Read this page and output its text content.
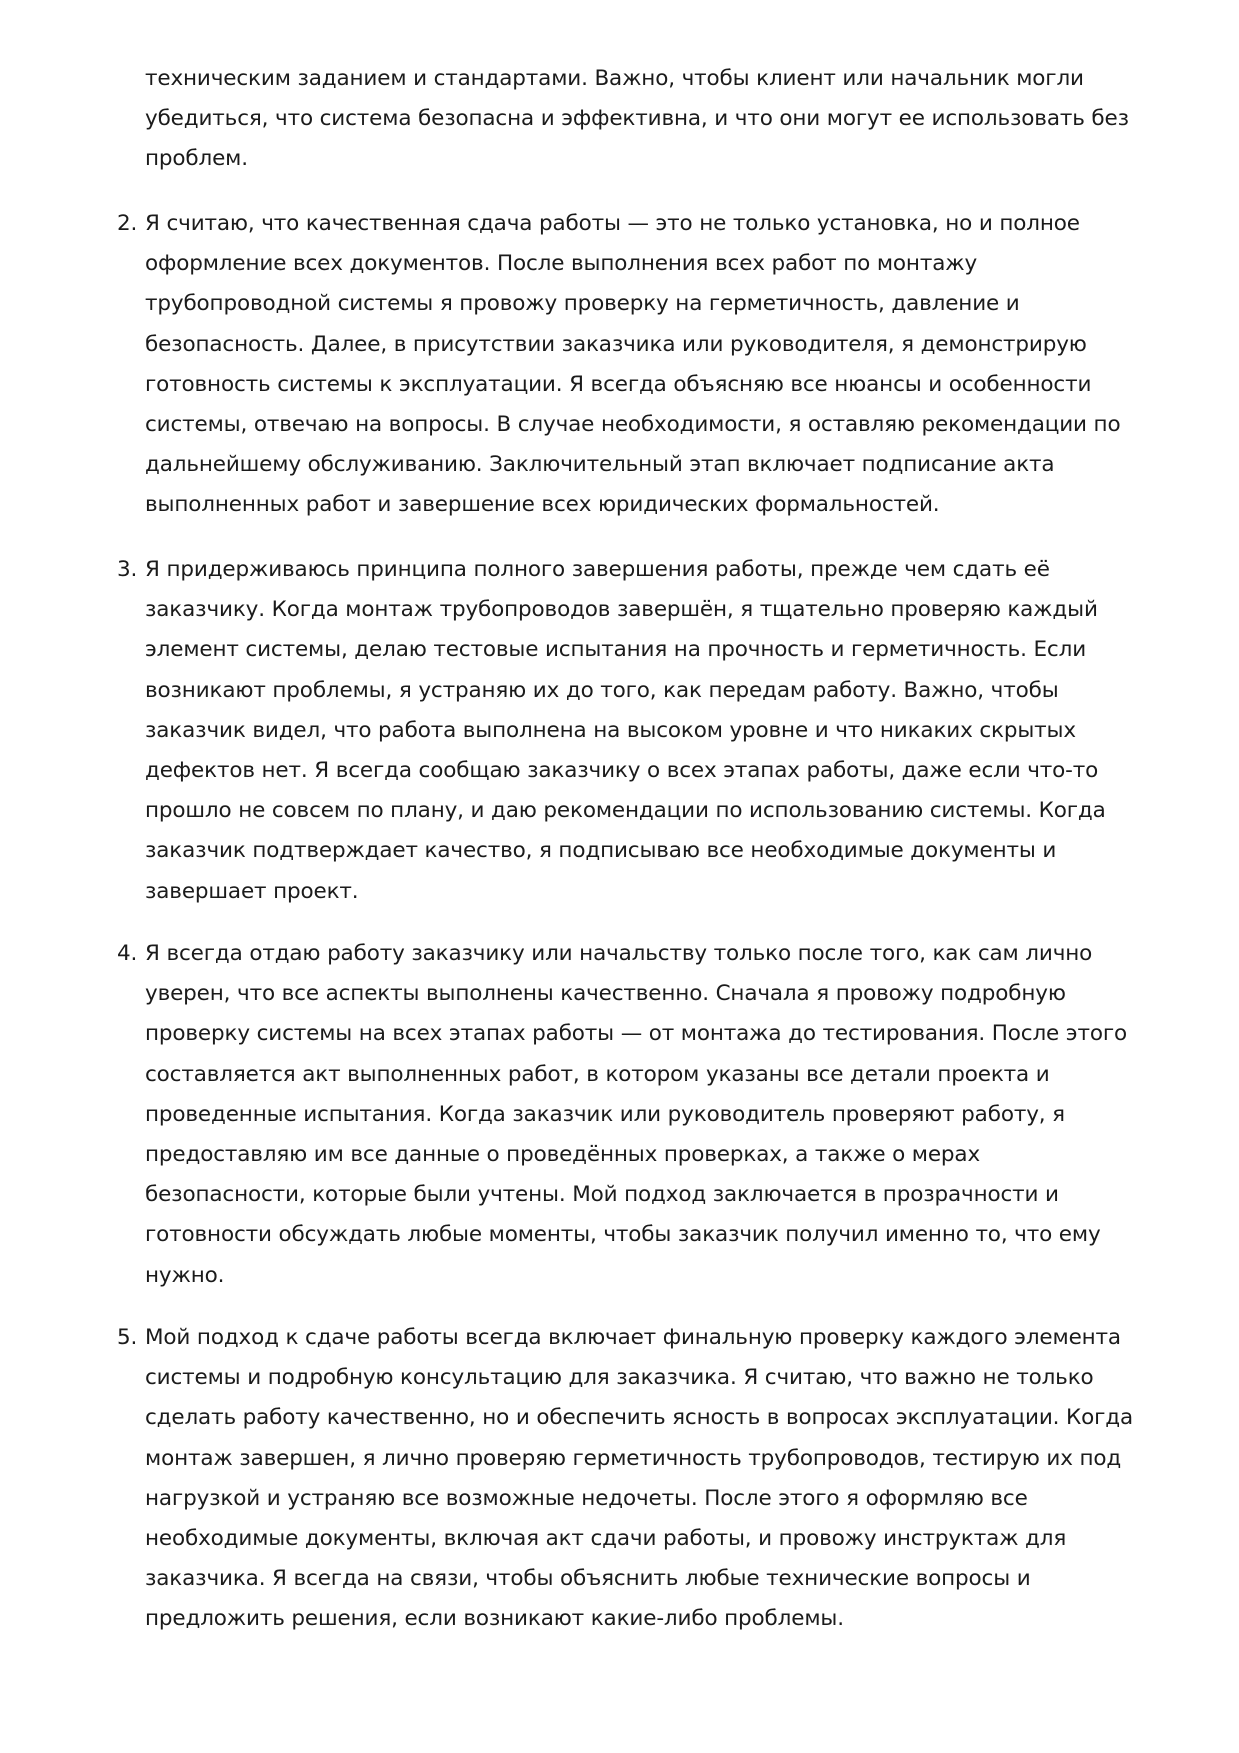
техническим заданием и стандартами. Важно, чтобы клиент или начальник могли
убедиться, что система безопасна и эффективна, и что они могут ее использовать без
проблем.
2. Я считаю, что качественная сдача работы — это не только установка, но и полное
оформление всех документов. После выполнения всех работ по монтажу
трубопроводной системы я провожу проверку на герметичность, давление и
безопасность. Далее, в присутствии заказчика или руководителя, я демонстрирую
готовность системы к эксплуатации. Я всегда объясняю все нюансы и особенности
системы, отвечаю на вопросы. В случае необходимости, я оставляю рекомендации по
дальнейшему обслуживанию. Заключительный этап включает подписание акта
выполненных работ и завершение всех юридических формальностей.
3. Я придерживаюсь принципа полного завершения работы, прежде чем сдать её
заказчику. Когда монтаж трубопроводов завершён, я тщательно проверяю каждый
элемент системы, делаю тестовые испытания на прочность и герметичность. Если
возникают проблемы, я устраняю их до того, как передам работу. Важно, чтобы
заказчик видел, что работа выполнена на высоком уровне и что никаких скрытых
дефектов нет. Я всегда сообщаю заказчику о всех этапах работы, даже если что-то
прошло не совсем по плану, и даю рекомендации по использованию системы. Когда
заказчик подтверждает качество, я подписываю все необходимые документы и
завершает проект.
4. Я всегда отдаю работу заказчику или начальству только после того, как сам лично
уверен, что все аспекты выполнены качественно. Сначала я провожу подробную
проверку системы на всех этапах работы — от монтажа до тестирования. После этого
составляется акт выполненных работ, в котором указаны все детали проекта и
проведенные испытания. Когда заказчик или руководитель проверяют работу, я
предоставляю им все данные о проведённых проверках, а также о мерах
безопасности, которые были учтены. Мой подход заключается в прозрачности и
готовности обсуждать любые моменты, чтобы заказчик получил именно то, что ему
нужно.
5. Мой подход к сдаче работы всегда включает финальную проверку каждого элемента
системы и подробную консультацию для заказчика. Я считаю, что важно не только
сделать работу качественно, но и обеспечить ясность в вопросах эксплуатации. Когда
монтаж завершен, я лично проверяю герметичность трубопроводов, тестирую их под
нагрузкой и устраняю все возможные недочеты. После этого я оформляю все
необходимые документы, включая акт сдачи работы, и провожу инструктаж для
заказчика. Я всегда на связи, чтобы объяснить любые технические вопросы и
предложить решения, если возникают какие-либо проблемы.
